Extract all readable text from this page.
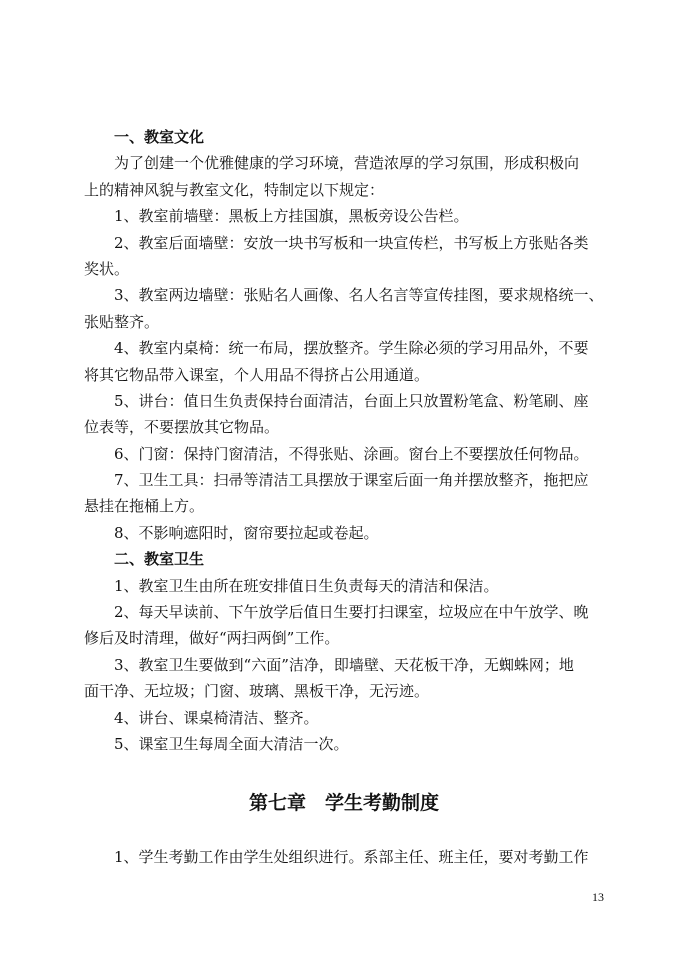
一、教室文化
为了创建一个优雅健康的学习环境，营造浓厚的学习氛围，形成积极向
上的精神风貌与教室文化，特制定以下规定：
1、教室前墙壁：黑板上方挂国旗，黑板旁设公告栏。
2、教室后面墙壁：安放一块书写板和一块宣传栏，书写板上方张贴各类
奖状。
3、教室两边墙壁：张贴名人画像、名人名言等宣传挂图，要求规格统一、
张贴整齐。
4、教室内桌椅：统一布局，摆放整齐。学生除必须的学习用品外，不要
将其它物品带入课室，个人用品不得挤占公用通道。
5、讲台：值日生负责保持台面清洁，台面上只放置粉笔盒、粉笔刷、座
位表等，不要摆放其它物品。
6、门窗：保持门窗清洁，不得张贴、涂画。窗台上不要摆放任何物品。
7、卫生工具：扫帚等清洁工具摆放于课室后面一角并摆放整齐，拖把应
悬挂在拖桶上方。
8、不影响遮阳时，窗帘要拉起或卷起。
二、教室卫生
1、教室卫生由所在班安排值日生负责每天的清洁和保洁。
2、每天早读前、下午放学后值日生要打扫课室，垃圾应在中午放学、晚
修后及时清理，做好“两扫两倒”工作。
3、教室卫生要做到“六面”洁净，即墙壁、天花板干净，无蜘蛛网；地
面干净、无垃圾；门窗、玻璃、黑板干净，无污迹。
4、讲台、课桌椅清洁、整齐。
5、课室卫生每周全面大清洁一次。
第七章　学生考勤制度
1、学生考勤工作由学生处组织进行。系部主任、班主任，要对考勤工作
13
